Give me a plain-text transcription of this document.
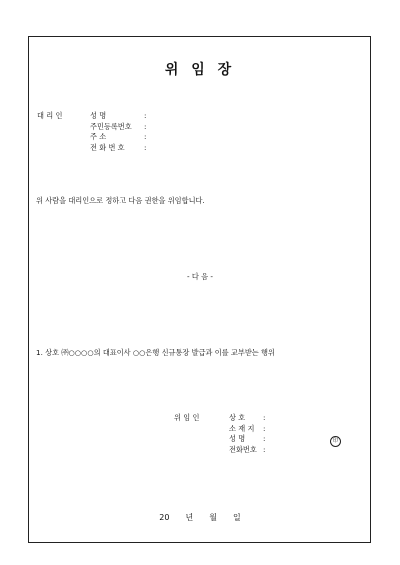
위 임 장
대 리 인	성 명	:
주민등록번호 :
주 소	:
전 화 번 호	:
위 사람을 대리인으로 정하고 다음 권한을 위임합니다.
- 다 음 -
1. 상호 ㈜○○○○의 대표이사 ○○은행 신규통장 발급과 이를 교부받는 행위
위 임 인	상 호 :
소 재 지 :
성 명 :
전화번호 :
印
20 년 월 일
